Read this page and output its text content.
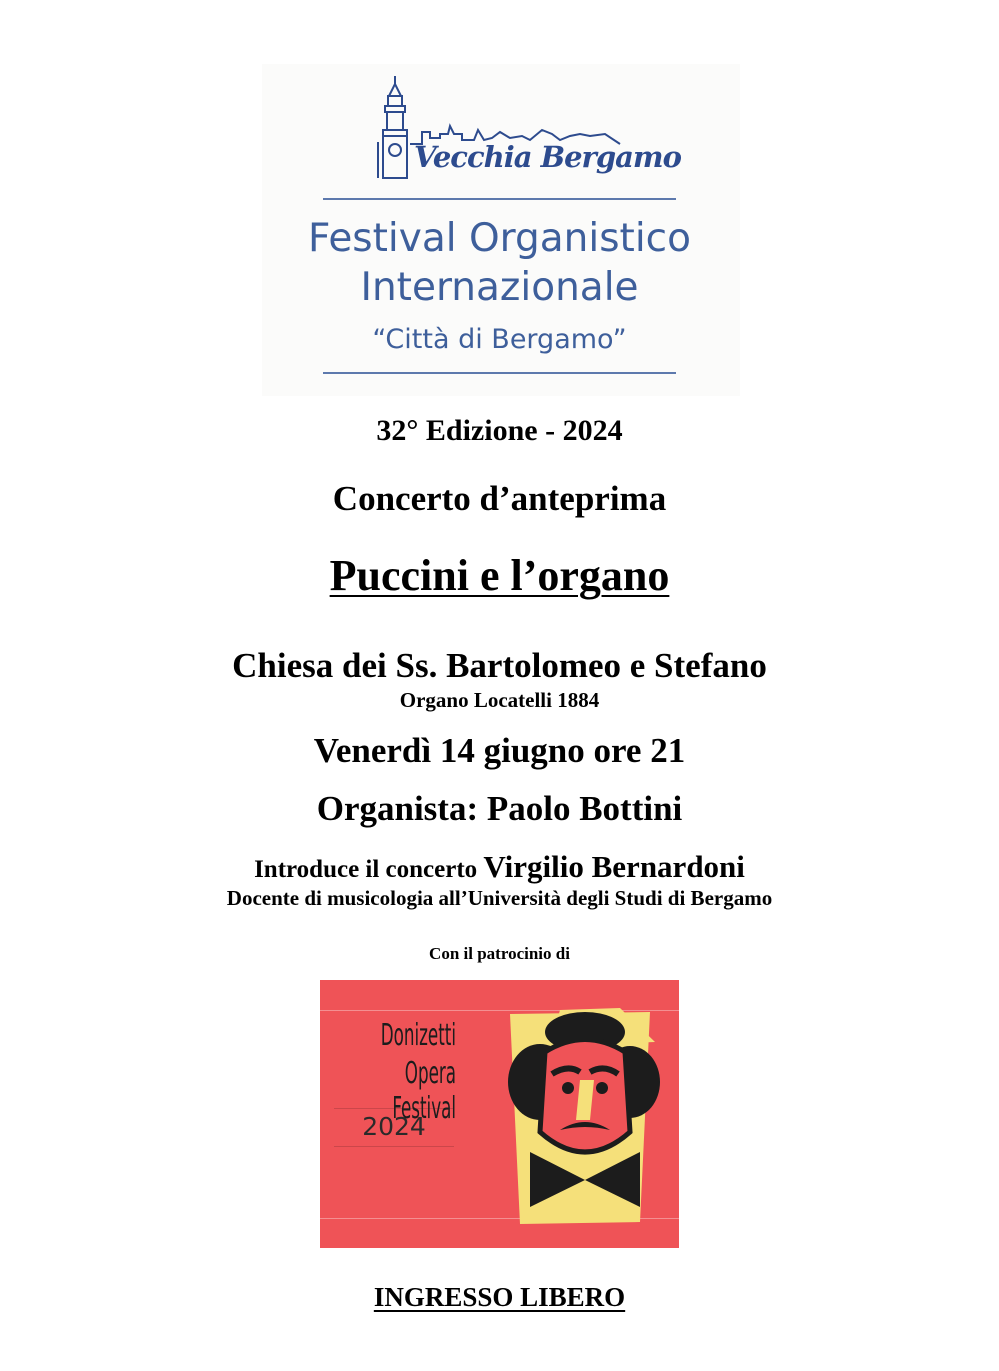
Vecchia Bergamo
Festival Organistico
Internazionale
“Città di Bergamo”
32° Edizione - 2024
Concerto d’anteprima
Puccini e l’organo
Chiesa dei Ss. Bartolomeo e Stefano
Organo Locatelli 1884
Venerdì 14 giugno ore 21
Organista: Paolo Bottini
Introduce il concerto Virgilio Bernardoni
Docente di musicologia all’Università degli Studi di Bergamo
Con il patrocinio di
Donizetti
Opera Festival
2024
INGRESSO LIBERO
